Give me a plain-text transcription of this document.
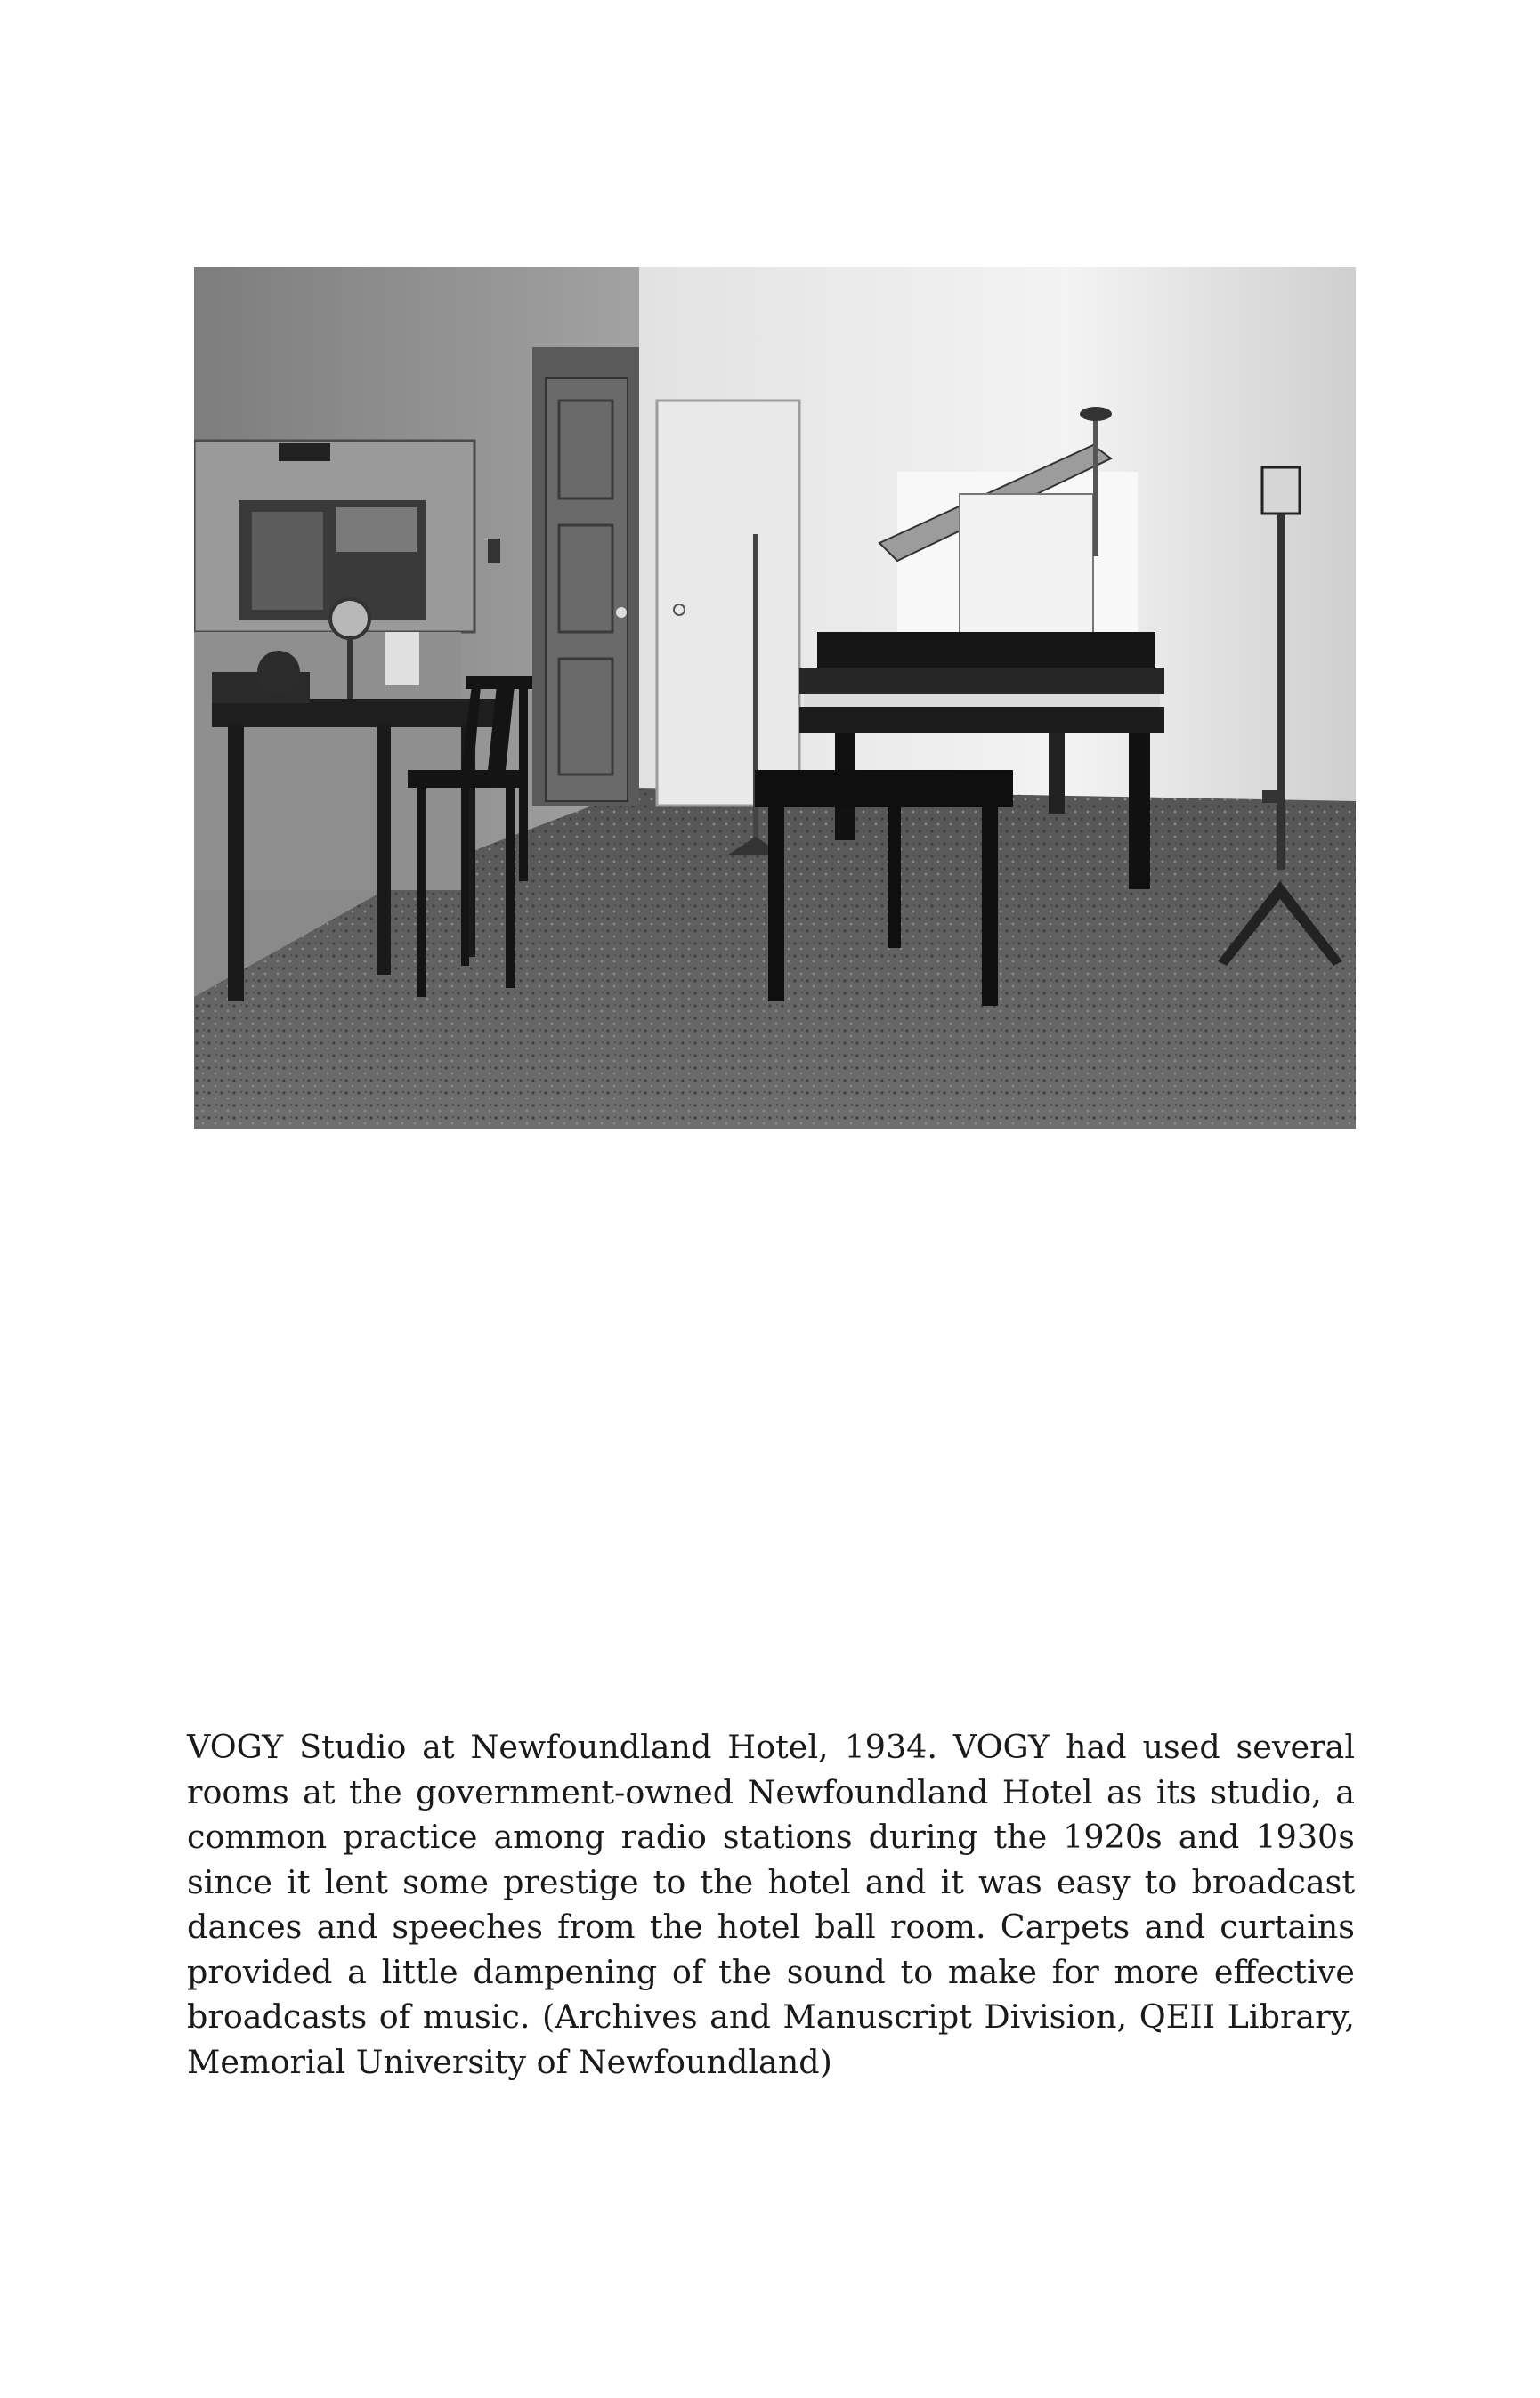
VOGY Studio at Newfoundland Hotel, 1934. VOGY had used several rooms at the government-owned Newfoundland Hotel as its studio, a common practice among radio stations during the 1920s and 1930s since it lent some prestige to the hotel and it was easy to broadcast dances and speeches from the hotel ball room. Carpets and curtains provided a little dampening of the sound to make for more effective broadcasts of music. (Archives and Manuscript Division, QEII Library, Memorial University of Newfoundland)
